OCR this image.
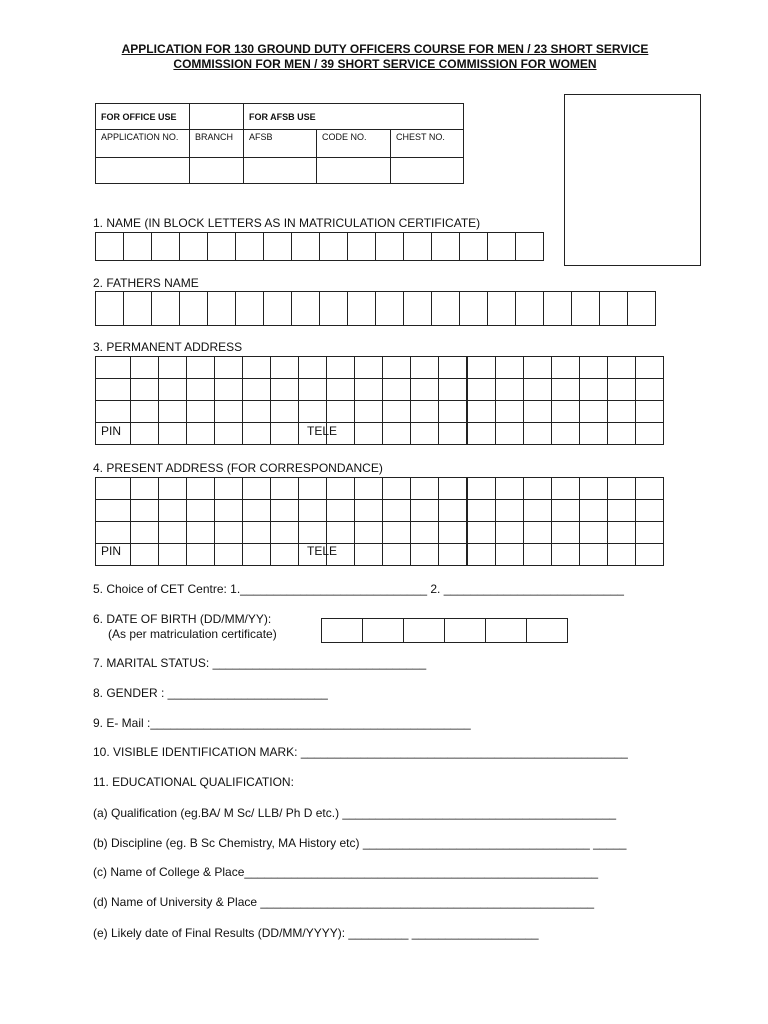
APPLICATION FOR 130 GROUND DUTY OFFICERS COURSE FOR MEN / 23 SHORT SERVICE
COMMISSION FOR MEN / 39 SHORT SERVICE COMMISSION FOR WOMEN
FOR OFFICE USE		FOR AFSB USE		
APPLICATION NO.	BRANCH	AFSB	CODE NO.	CHEST NO.

1. NAME (IN BLOCK LETTERS AS IN MATRICULATION CERTIFICATE)

2. FATHERS NAME

3. PERMANENT ADDRESS

PIN	TELE
4. PRESENT ADDRESS (FOR CORRESPONDANCE)

PIN	TELE
5. Choice of CET Centre: 1.____________________________ 2. ___________________________
6. DATE OF BIRTH (DD/MM/YY):
(As per matriculation certificate)

7. MARITAL STATUS: ________________________________
8. GENDER : ________________________
9. E- Mail :________________________________________________
10. VISIBLE IDENTIFICATION MARK: _________________________________________________
11. EDUCATIONAL QUALIFICATION:
(a) Qualification (eg.BA/ M Sc/ LLB/ Ph D etc.) _________________________________________
(b) Discipline (eg. B Sc Chemistry, MA History etc) __________________________________ _____
(c) Name of College & Place_____________________________________________________
(d) Name of University & Place __________________________________________________
(e) Likely date of Final Results (DD/MM/YYYY): _________ ___________________
